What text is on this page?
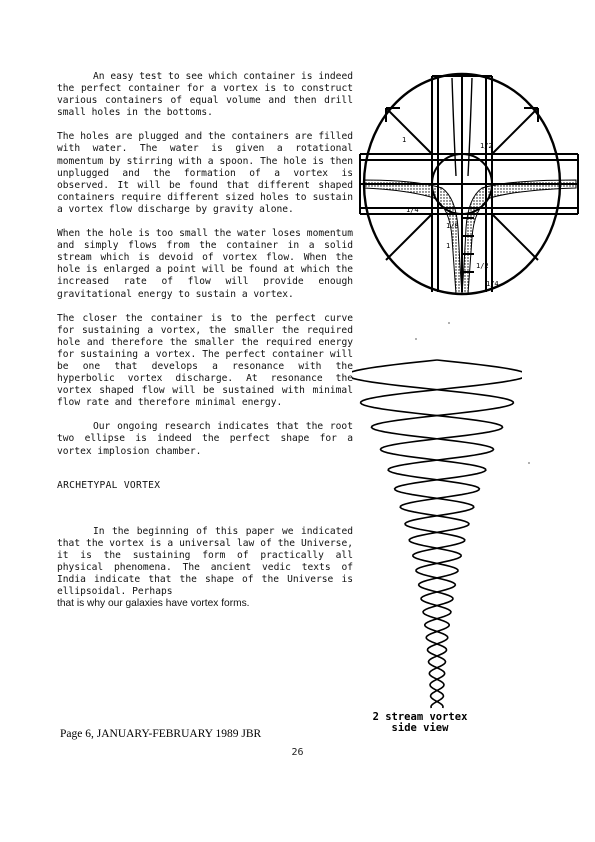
An easy test to see which container is indeed the perfect container for a vortex is to construct various containers of equal volume and then drill small holes in the bottoms.

The holes are plugged and the containers are filled with water. The water is given a rotational momentum by stirring with a spoon. The hole is then unplugged and the formation of a vortex is observed. It will be found that different shaped containers require different sized holes to sustain a vortex flow discharge by gravity alone.

When the hole is too small the water loses momentum and simply flows from the container in a solid stream which is devoid of vortex flow. When the hole is enlarged a point will be found at which the increased rate of flow will provide enough gravitational energy to sustain a vortex.

The closer the container is to the perfect curve for sustaining a vortex, the smaller the required hole and therefore the smaller the required energy for sustaining a vortex. The perfect container will be one that develops a resonance with the hyperbolic vortex discharge. At resonance the vortex shaped flow will be sustained with minimal flow rate and therefore minimal energy.

Our ongoing research indicates that the root two ellipse is indeed the perfect shape for a vortex implosion chamber.

ARCHETYPAL VORTEX

In the beginning of this paper we indicated that the vortex is a universal law of the Universe, it is the sustaining form of practically all physical phenomena. The ancient vedic texts of India indicate that the shape of the Universe is ellipsoidal. Perhaps

that is why our galaxies have vortex forms.
1
1/2
1/4
1/8
1
1/2
1/4
2 stream vortex
side view
Page 6, JANUARY-FEBRUARY 1989 JBR
26
